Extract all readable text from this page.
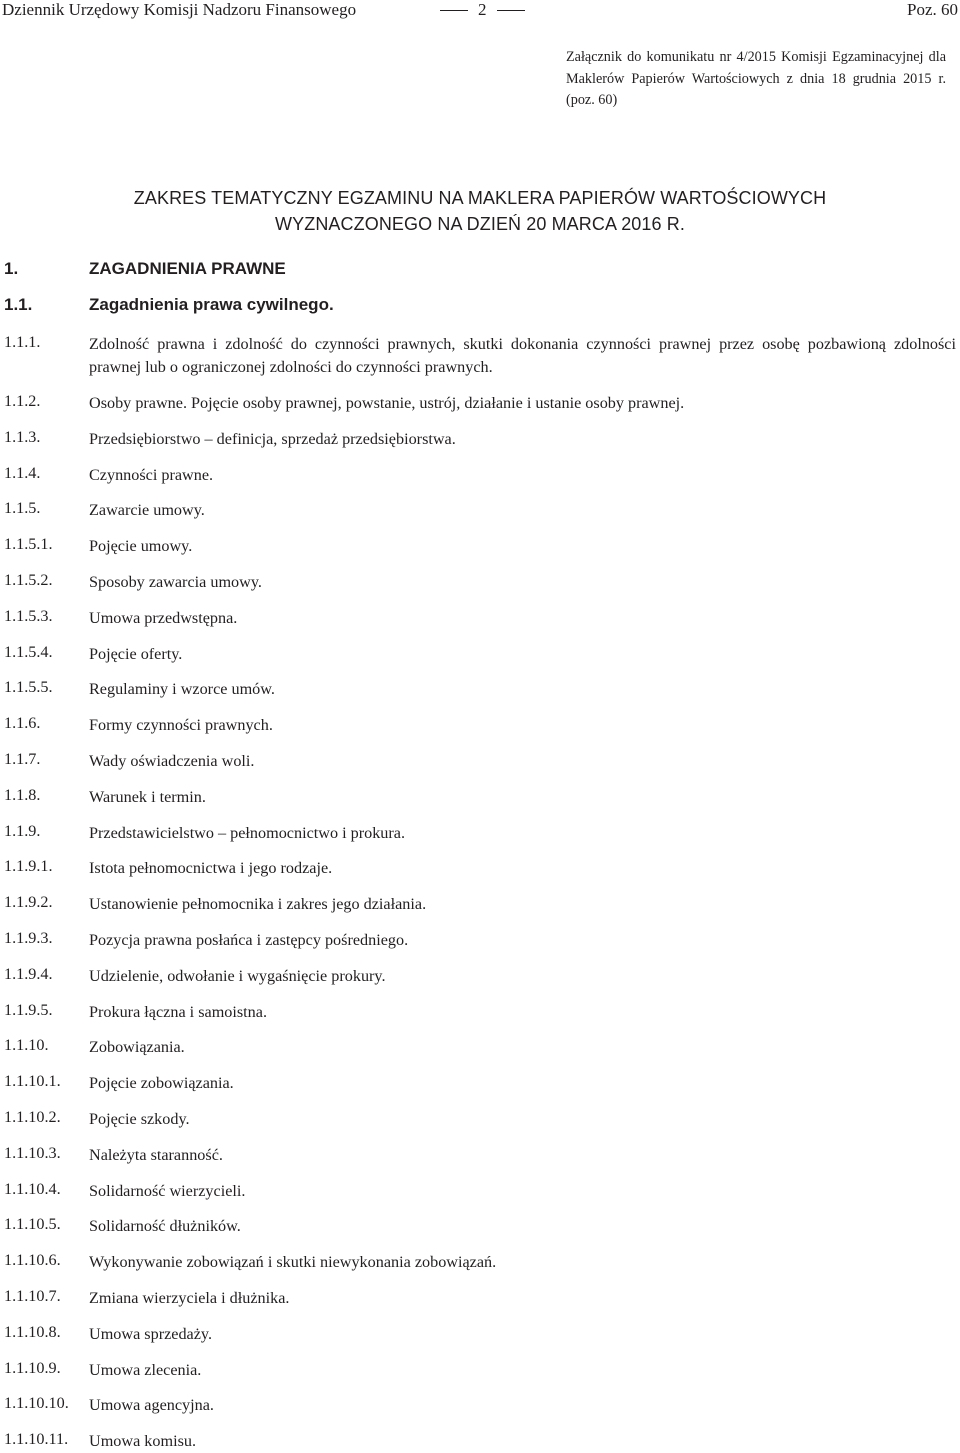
Dziennik Urzędowy Komisji Nadzoru Finansowego	2	Poz. 60
Załącznik do komunikatu nr 4/2015 Komisji Egzaminacyjnej dla Maklerów Papierów Wartościowych z dnia 18 grudnia 2015 r. (poz. 60)
ZAKRES TEMATYCZNY EGZAMINU NA MAKLERA PAPIERÓW WARTOŚCIOWYCH
WYZNACZONEGO NA DZIEŃ 20 MARCA 2016 R.
1.	ZAGADNIENIA PRAWNE
1.1.	Zagadnienia prawa cywilnego.
1.1.1.	Zdolność prawna i zdolność do czynności prawnych, skutki dokonania czynności prawnej przez osobę pozbawioną zdolności prawnej lub o ograniczonej zdolności do czynności prawnych.
1.1.2.	Osoby prawne. Pojęcie osoby prawnej, powstanie, ustrój, działanie i ustanie osoby prawnej.
1.1.3.	Przedsiębiorstwo – definicja, sprzedaż przedsiębiorstwa.
1.1.4.	Czynności prawne.
1.1.5.	Zawarcie umowy.
1.1.5.1. Pojęcie umowy.
1.1.5.2. Sposoby zawarcia umowy.
1.1.5.3. Umowa przedwstępna.
1.1.5.4. Pojęcie oferty.
1.1.5.5. Regulaminy i wzorce umów.
1.1.6.	Formy czynności prawnych.
1.1.7.	Wady oświadczenia woli.
1.1.8.	Warunek i termin.
1.1.9.	Przedstawicielstwo – pełnomocnictwo i prokura.
1.1.9.1. Istota pełnomocnictwa i jego rodzaje.
1.1.9.2. Ustanowienie pełnomocnika i zakres jego działania.
1.1.9.3. Pozycja prawna posłańca i zastępcy pośredniego.
1.1.9.4. Udzielenie, odwołanie i wygaśnięcie prokury.
1.1.9.5. Prokura łączna i samoistna.
1.1.10. Zobowiązania.
1.1.10.1. Pojęcie zobowiązania.
1.1.10.2. Pojęcie szkody.
1.1.10.3. Należyta staranność.
1.1.10.4. Solidarność wierzycieli.
1.1.10.5. Solidarność dłużników.
1.1.10.6. Wykonywanie zobowiązań i skutki niewykonania zobowiązań.
1.1.10.7. Zmiana wierzyciela i dłużnika.
1.1.10.8. Umowa sprzedaży.
1.1.10.9. Umowa zlecenia.
1.1.10.10. Umowa agencyjna.
1.1.10.11. Umowa komisu.
